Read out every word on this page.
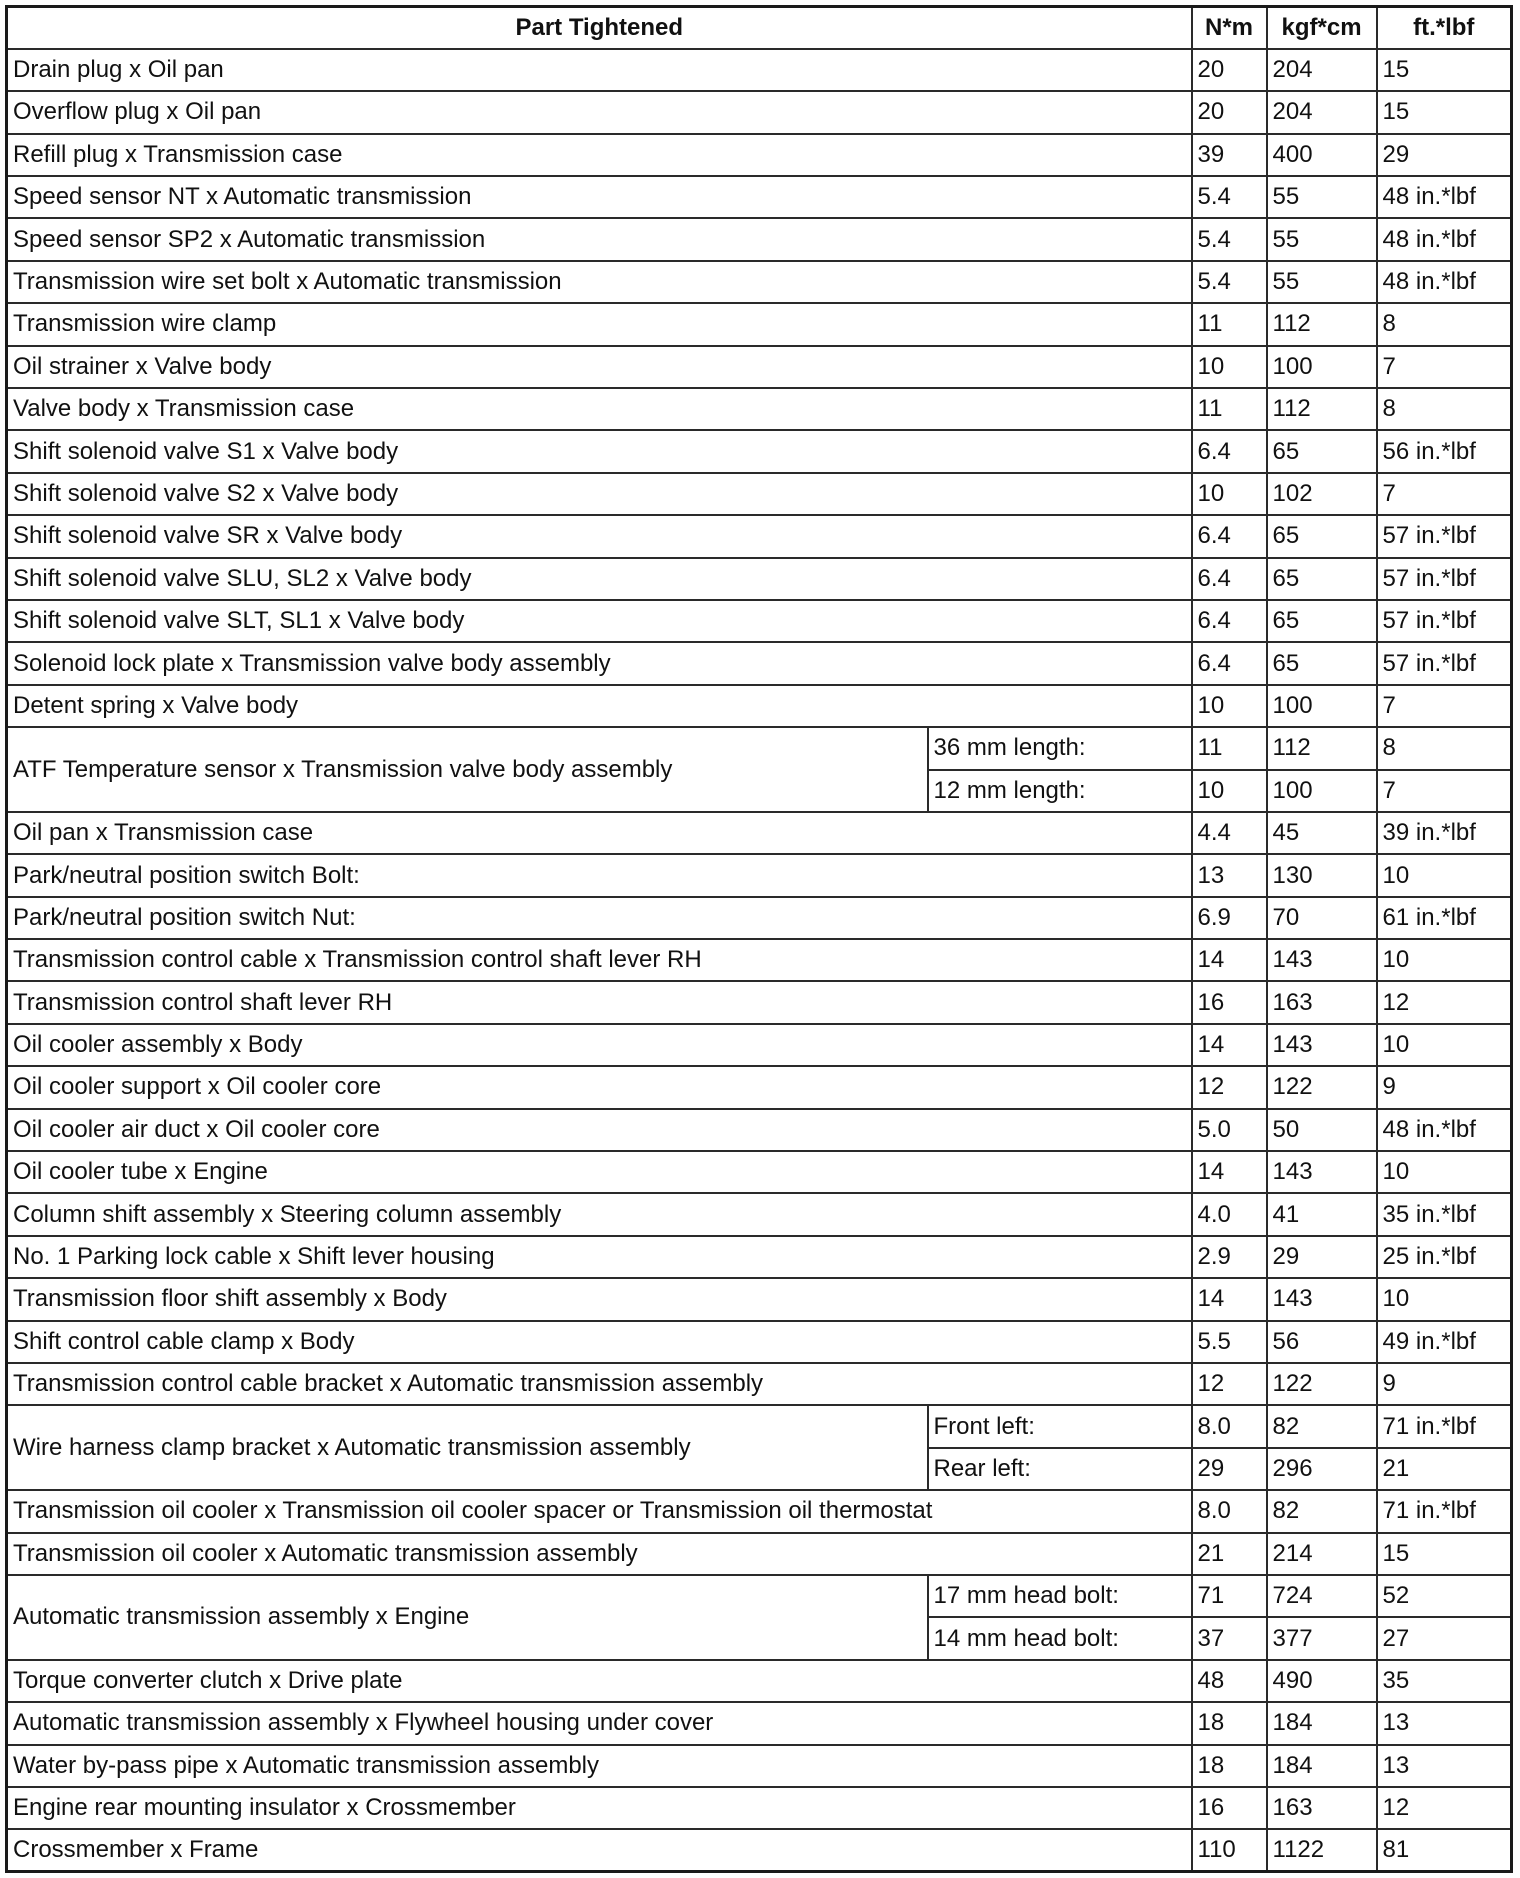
Part Tightened		N*m	kgf*cm	ft.*lbf
Drain plug x Oil pan		20	204	15
Overflow plug x Oil pan		20	204	15
Refill plug x Transmission case		39	400	29
Speed sensor NT x Automatic transmission		5.4	55	48 in.*lbf
Speed sensor SP2 x Automatic transmission		5.4	55	48 in.*lbf
Transmission wire set bolt x Automatic transmission		5.4	55	48 in.*lbf
Transmission wire clamp		11	112	8
Oil strainer x Valve body		10	100	7
Valve body x Transmission case		11	112	8
Shift solenoid valve S1 x Valve body		6.4	65	56 in.*lbf
Shift solenoid valve S2 x Valve body		10	102	7
Shift solenoid valve SR x Valve body		6.4	65	57 in.*lbf
Shift solenoid valve SLU, SL2 x Valve body		6.4	65	57 in.*lbf
Shift solenoid valve SLT, SL1 x Valve body		6.4	65	57 in.*lbf
Solenoid lock plate x Transmission valve body assembly		6.4	65	57 in.*lbf
Detent spring x Valve body		10	100	7
ATF Temperature sensor x Transmission valve body assembly	36 mm length:	11	112	8
	12 mm length:	10	100	7
Oil pan x Transmission case		4.4	45	39 in.*lbf
Park/neutral position switch Bolt:		13	130	10
Park/neutral position switch Nut:		6.9	70	61 in.*lbf
Transmission control cable x Transmission control shaft lever RH		14	143	10
Transmission control shaft lever RH		16	163	12
Oil cooler assembly x Body		14	143	10
Oil cooler support x Oil cooler core		12	122	9
Oil cooler air duct x Oil cooler core		5.0	50	48 in.*lbf
Oil cooler tube x Engine		14	143	10
Column shift assembly x Steering column assembly		4.0	41	35 in.*lbf
No. 1 Parking lock cable x Shift lever housing		2.9	29	25 in.*lbf
Transmission floor shift assembly x Body		14	143	10
Shift control cable clamp x Body		5.5	56	49 in.*lbf
Transmission control cable bracket x Automatic transmission assembly		12	122	9
Wire harness clamp bracket x Automatic transmission assembly	Front left:	8.0	82	71 in.*lbf
	Rear left:	29	296	21
Transmission oil cooler x Transmission oil cooler spacer or Transmission oil thermostat		8.0	82	71 in.*lbf
Transmission oil cooler x Automatic transmission assembly		21	214	15
Automatic transmission assembly x Engine	17 mm head bolt:	71	724	52
	14 mm head bolt:	37	377	27
Torque converter clutch x Drive plate		48	490	35
Automatic transmission assembly x Flywheel housing under cover		18	184	13
Water by-pass pipe x Automatic transmission assembly		18	184	13
Engine rear mounting insulator x Crossmember		16	163	12
Crossmember x Frame		110	1122	81
